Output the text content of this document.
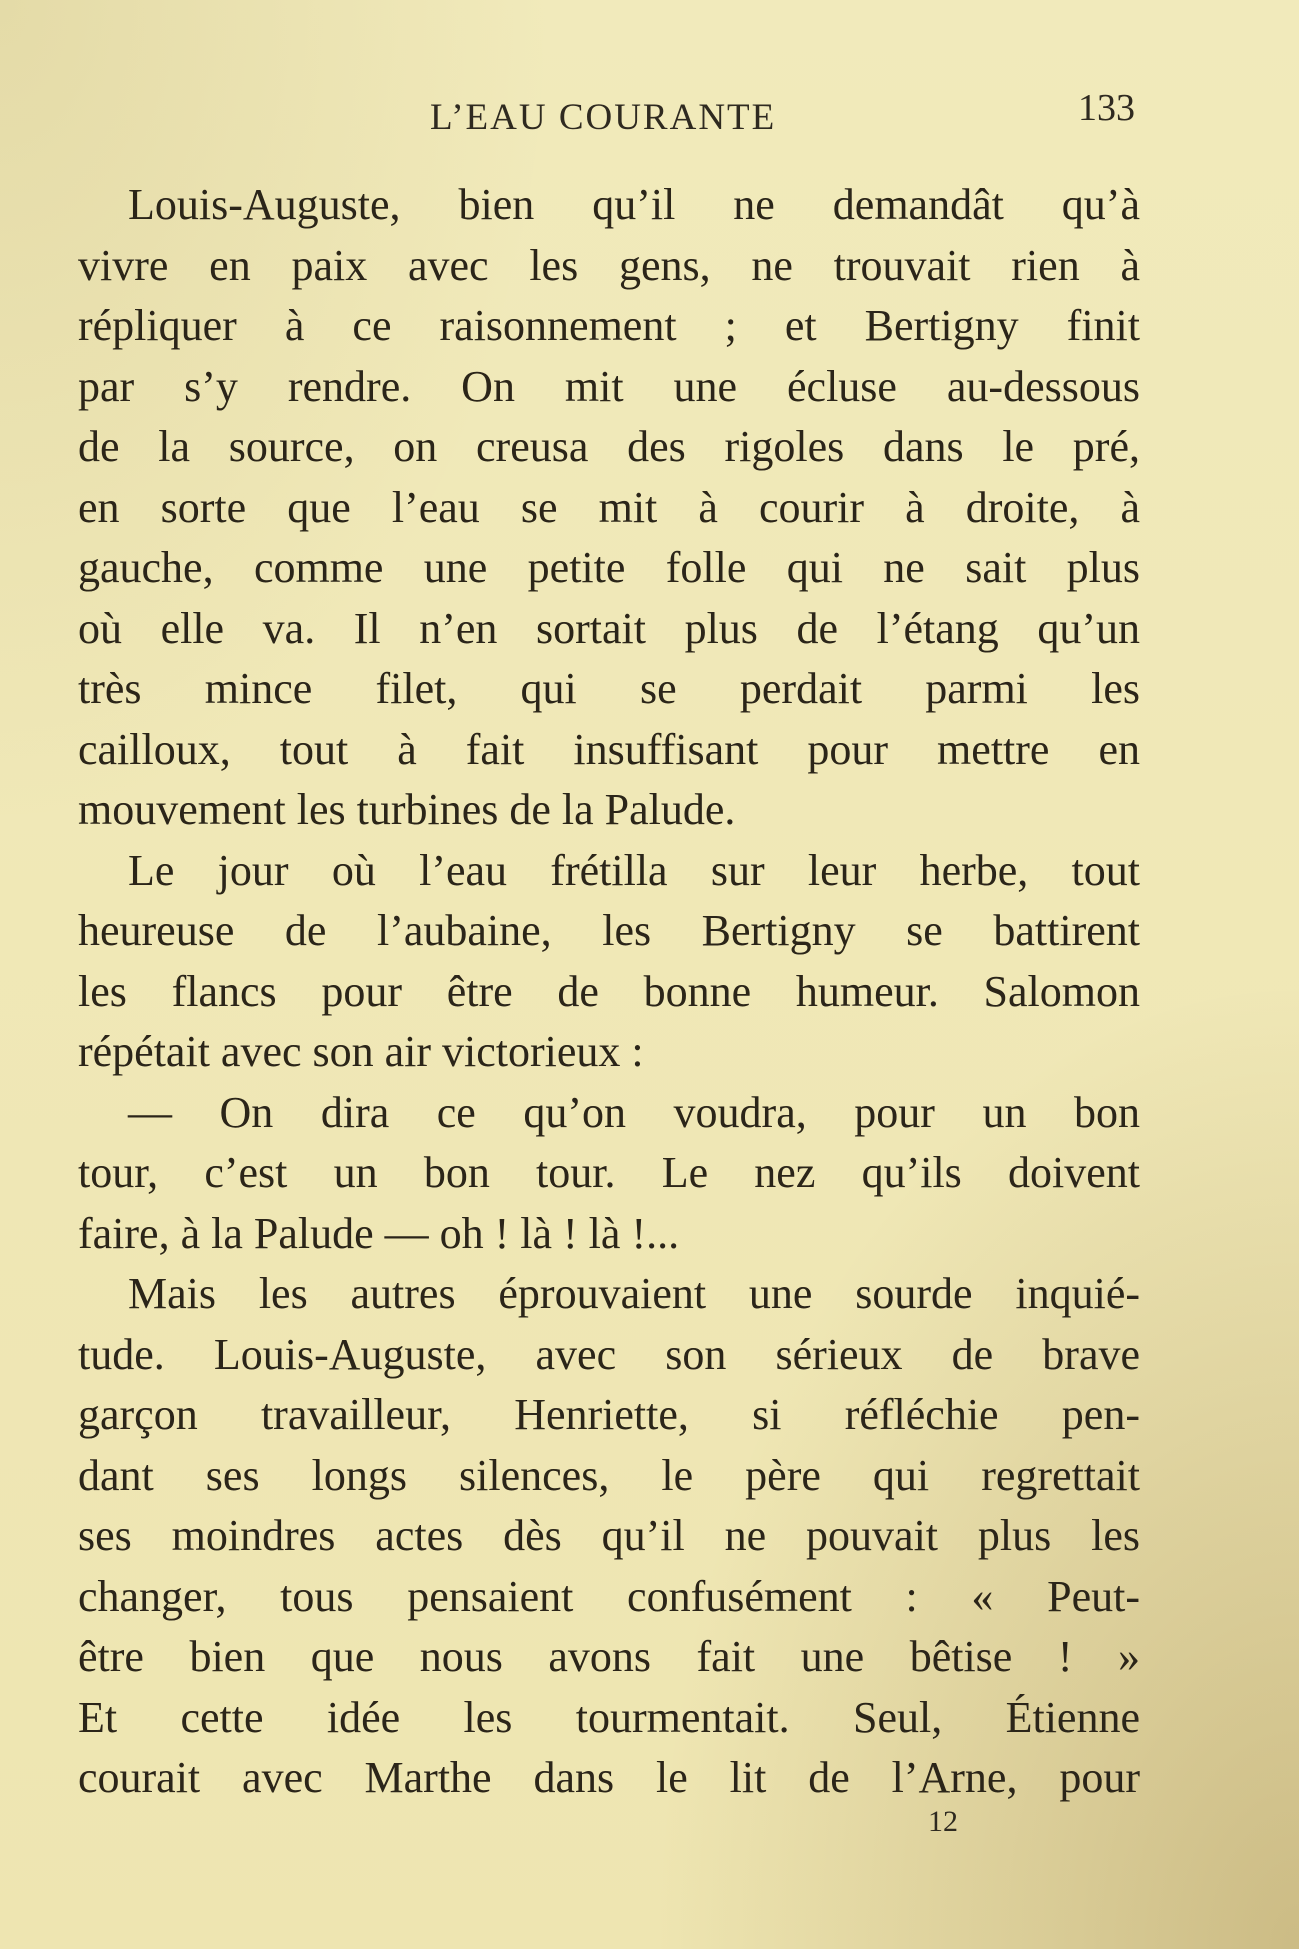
L’EAU COURANTE	133
Louis-Auguste, bien qu’il ne demandât qu’à
vivre en paix avec les gens, ne trouvait rien à
répliquer à ce raisonnement ; et Bertigny finit
par s’y rendre. On mit une écluse au-dessous
de la source, on creusa des rigoles dans le pré,
en sorte que l’eau se mit à courir à droite, à
gauche, comme une petite folle qui ne sait plus
où elle va. Il n’en sortait plus de l’étang qu’un
très mince filet, qui se perdait parmi les
cailloux, tout à fait insuffisant pour mettre en
mouvement les turbines de la Palude.
Le jour où l’eau frétilla sur leur herbe, tout
heureuse de l’aubaine, les Bertigny se battirent
les flancs pour être de bonne humeur. Salomon
répétait avec son air victorieux :
— On dira ce qu’on voudra, pour un bon
tour, c’est un bon tour. Le nez qu’ils doivent
faire, à la Palude — oh ! là ! là !...
Mais les autres éprouvaient une sourde inquié-
tude. Louis-Auguste, avec son sérieux de brave
garçon travailleur, Henriette, si réfléchie pen-
dant ses longs silences, le père qui regrettait
ses moindres actes dès qu’il ne pouvait plus les
changer, tous pensaient confusément : « Peut-
être bien que nous avons fait une bêtise ! »
Et cette idée les tourmentait. Seul, Étienne
courait avec Marthe dans le lit de l’Arne, pour
12
